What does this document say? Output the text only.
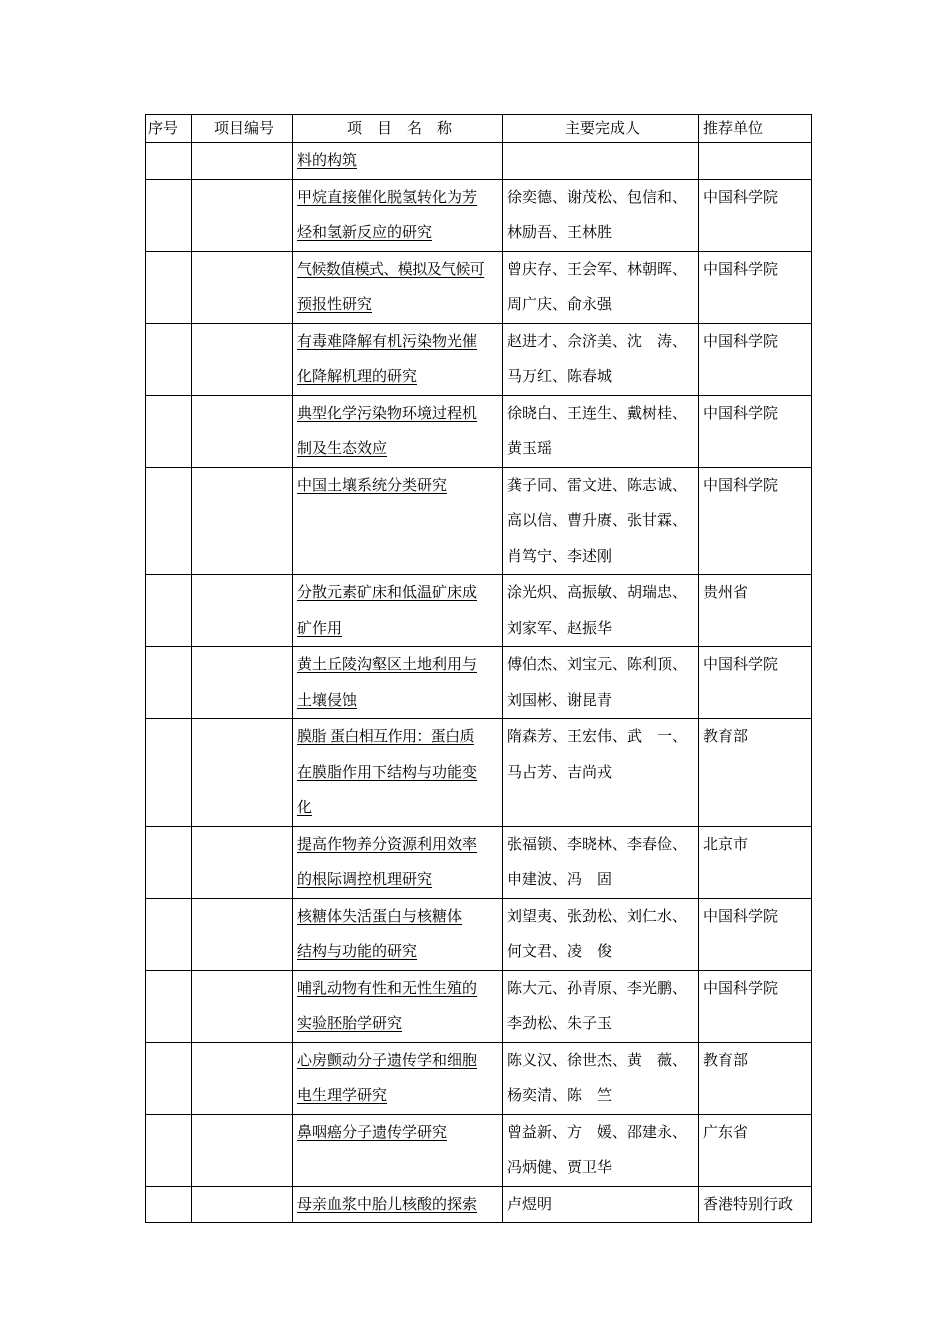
序号	项目编号	项　目　名　称	主要完成人	推荐单位
		料的构筑		
		甲烷直接催化脱氢转化为芳
烃和氢新反应的研究	徐奕德、谢茂松、包信和、
林励吾、王林胜	中国科学院
		气候数值模式、模拟及气候可
预报性研究	曾庆存、王会军、林朝晖、
周广庆、俞永强	中国科学院
		有毒难降解有机污染物光催
化降解机理的研究	赵进才、佘济美、沈　涛、
马万红、陈春城	中国科学院
		典型化学污染物环境过程机
制及生态效应	徐晓白、王连生、戴树桂、
黄玉瑶	中国科学院
		中国土壤系统分类研究	龚子同、雷文进、陈志诚、
高以信、曹升赓、张甘霖、
肖笃宁、李述刚	中国科学院
		分散元素矿床和低温矿床成
矿作用	涂光炽、高振敏、胡瑞忠、
刘家军、赵振华	贵州省
		黄土丘陵沟壑区土地利用与
土壤侵蚀	傅伯杰、刘宝元、陈利顶、
刘国彬、谢昆青	中国科学院
		膜脂 蛋白相互作用：蛋白质
在膜脂作用下结构与功能变
化	隋森芳、王宏伟、武　一、
马占芳、吉尚戎	教育部
		提高作物养分资源利用效率
的根际调控机理研究	张福锁、李晓林、李春俭、
申建波、冯　固	北京市
		核糖体失活蛋白与核糖体
结构与功能的研究	刘望夷、张劲松、刘仁水、
何文君、凌　俊	中国科学院
		哺乳动物有性和无性生殖的
实验胚胎学研究	陈大元、孙青原、李光鹏、
李劲松、朱子玉	中国科学院
		心房颤动分子遗传学和细胞
电生理学研究	陈义汉、徐世杰、黄　薇、
杨奕清、陈　竺	教育部
		鼻咽癌分子遗传学研究	曾益新、方　媛、邵建永、
冯炳健、贾卫华	广东省
		母亲血浆中胎儿核酸的探索	卢煜明	香港特别行政
